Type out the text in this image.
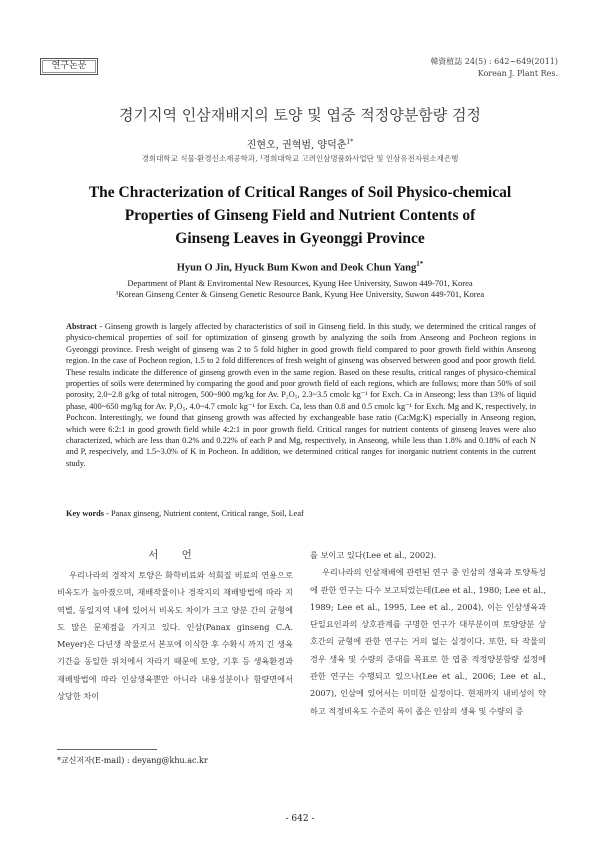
연구논문	韓資植誌 24(5) : 642~649(2011)
Korean J. Plant Res.
경기지역 인삼재배지의 토양 및 엽중 적정양분함량 검정
진현오, 권혁범, 양덕춘$^{1*}$
경희대학교 식물·환경신소재공학과, ¹경희대학교 고려인삼명품화사업단 및 인삼유전자원소재은행
The Chracterization of Critical Ranges of Soil Physico-chemical
Properties of Ginseng Field and Nutrient Contents of
Ginseng Leaves in Gyeonggi Province
Hyun O Jin, Hyuck Bum Kwon and Deok Chun Yang$^{1*}$
Department of Plant & Enviromental New Resources, Kyung Hee University, Suwon 449-701, Korea
¹Korean Ginseng Center & Ginseng Genetic Resource Bank, Kyung Hee University, Suwon 449-701, Korea
Abstract - Ginseng growth is largely affected by characteristics of soil in Ginseng field. In this study, we determined the critical ranges of physico-chemical properties of soil for optimization of ginseng growth by analyzing the soils from Anseong and Pocheon regions in Gyeonggi province. Fresh weight of ginseng was 2 to 5 fold higher in good growth field compared to poor growth field within Anseong region. In the case of Pocheon region, 1.5 to 2 fold differences of fresh weight of ginseng was observed between good and poor growth field. These results indicate the difference of ginseng growth even in the same region. Based on these results, critical ranges of physico-chemical properties of soils were determined by comparing the good and poor growth field of each regions, which are follows; more than 50% of soil porosity, 2.0~2.8 g/kg of total nitrogen, 500~900 mg/kg for Av. P₂O₅, 2.3~3.5 cmolc kg⁻¹ for Exch. Ca in Anseong; less than 13% of liquid phase, 400~650 mg/kg for Av. P₂O₅, 4.0~4.7 cmolc kg⁻¹ for Exch. Ca, less than 0.8 and 0.5 cmolc kg⁻¹ for Exch. Mg and K, respectively, in Pochcon. Interestingly, we found that ginseng growth was affected by exchangeable base ratio (Ca:Mg:K) especially in Anseong region, which were 6:2:1 in good growth field while 4:2:1 in poor growth field. Critical ranges for nutrient contents of ginseng leaves were also characterized, which are less than 0.2% and 0.22% of each P and Mg, respectively, in Anseong, while less than 1.8% and 0.18% of each N and P, respecively, and 1.5~3.0% of K in Pocheon. In addition, we determined critical ranges for inorganic nutrient contents in the current study.
Key words - Panax ginseng, Nutrient content, Critical range, Soil, Leaf
서 언

우리나라의 경작지 토양은 화학비료와 석회질 비료의 연용으로 비옥도가 높아졌으며, 재배작물이나 경작지의 재배방법에 따라 지역별, 동일지역 내에 있어서 비옥도 차이가 크고 양분 간의 균형에도 많은 문제점을 가지고 있다. 인삼(Panax ginseng C.A. Meyer)은 다년생 작물로서 본포에 이식한 후 수확시 까지 긴 생육기간을 동일한 위치에서 자라기 때문에 토양, 기후 등 생육환경과 재배방법에 따라 인삼생육뿐만 아니라 내용성분이나 함량면에서 상당한 차이

를 보이고 있다(Lee et al., 2002).

우리나라의 인삼재배에 관련된 연구 중 인삼의 생육과 토양특성에 관한 연구는 다수 보고되었는데(Lee et al., 1980; Lee et al., 1989; Lee et al., 1995, Lee et al., 2004), 이는 인삼생육과 단일요인과의 상호관계를 구명한 연구가 대부분이며 토양양분 상호간의 균형에 관한 연구는 거의 없는 실정이다. 또한, 타 작물의 경우 생육 및 수량의 증대를 목표로 한 엽중 적정양분함량 설정에 관한 연구는 수행되고 있으나(Lee et al., 2006; Lee et al., 2007), 인삼에 있어서는 미미한 실정이다. 현재까지 내비성이 약하고 적정비옥도 수준의 폭이 좁은 인삼의 생육 및 수량의 증

*교신저자(E-mail) : deyang@khu.ac.kr
- 642 -
